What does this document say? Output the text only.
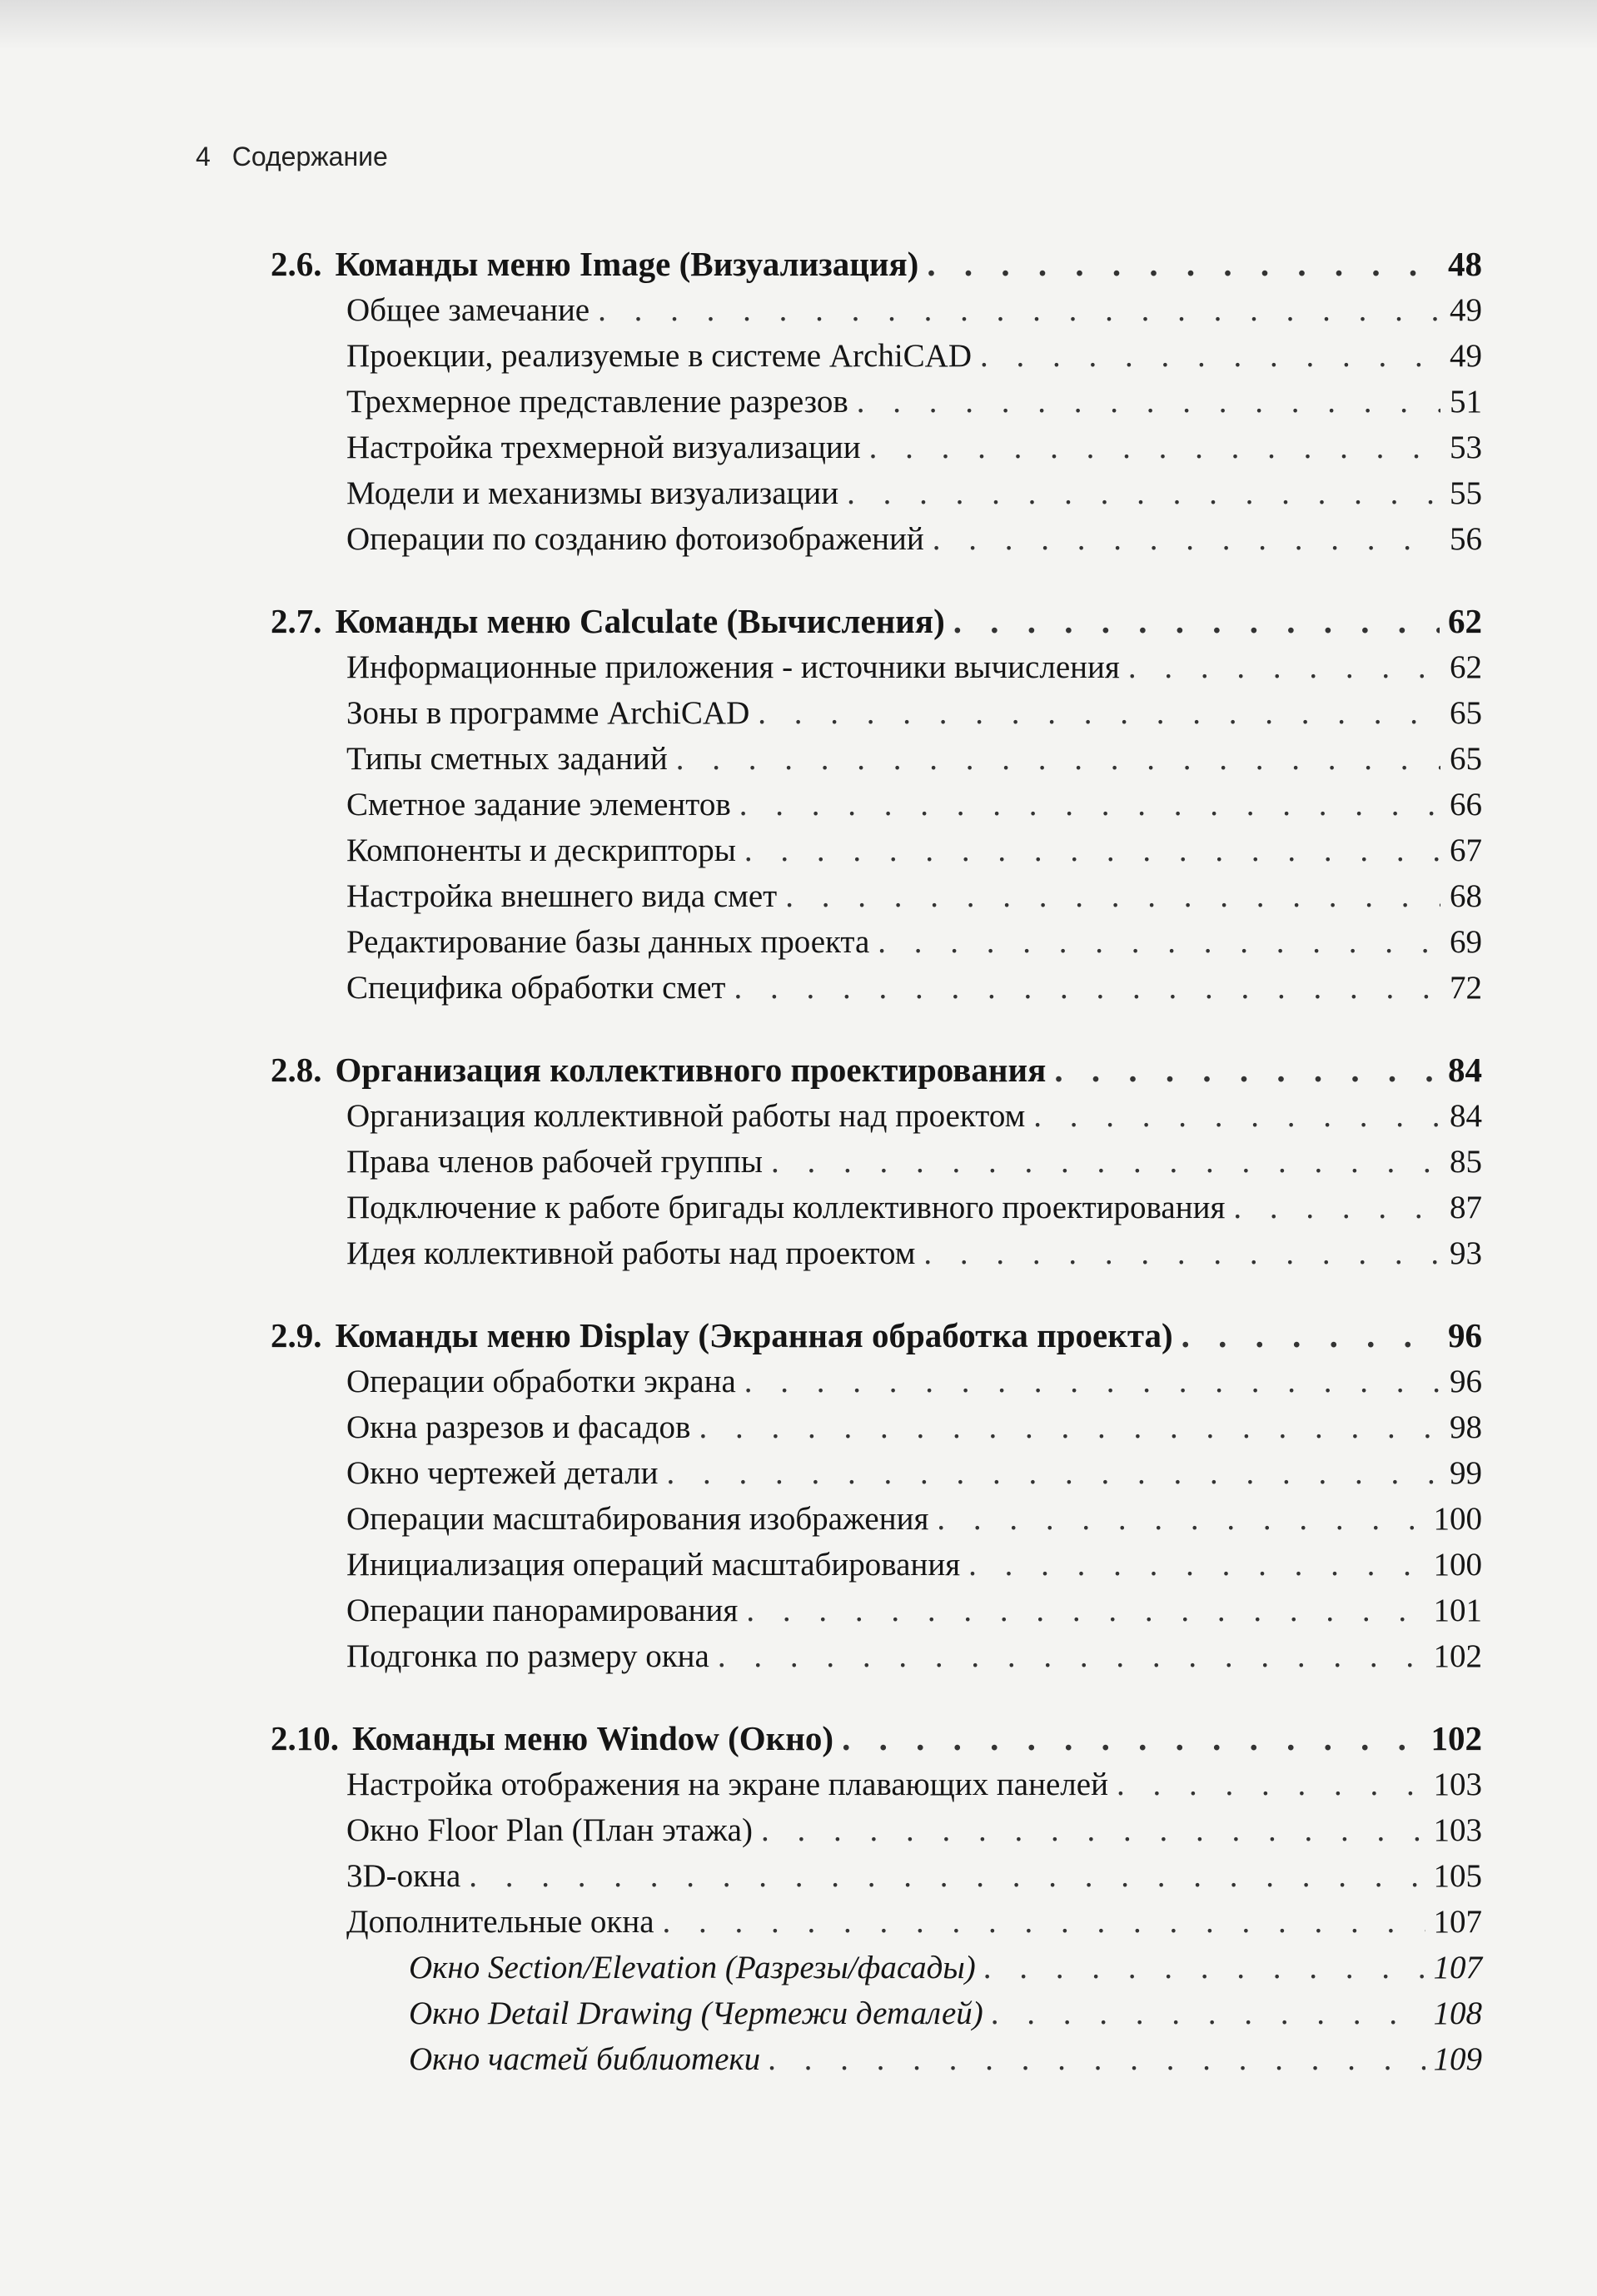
4 Содержание
2.6. Команды меню Image (Визуализация) . . .	48
Общее замечание . . .	49
Проекции, реализуемые в системе ArchiCAD . . .	49
Трехмерное представление разрезов . . .	51
Настройка трехмерной визуализации . . .	53
Модели и механизмы визуализации . . .	55
Операции по созданию фотоизображений . . .	56
2.7. Команды меню Calculate (Вычисления) . . .	62
Информационные приложения - источники вычисления . . .	62
Зоны в программе ArchiCAD . . .	65
Типы сметных заданий . . .	65
Сметное задание элементов . . .	66
Компоненты и дескрипторы . . .	67
Настройка внешнего вида смет . . .	68
Редактирование базы данных проекта . . .	69
Специфика обработки смет . . .	72
2.8. Организация коллективного проектирования . . .	84
Организация коллективной работы над проектом . . .	84
Права членов рабочей группы . . .	85
Подключение к работе бригады коллективного проектирования . . .	87
Идея коллективной работы над проектом . . .	93
2.9. Команды меню Display (Экранная обработка проекта) . . .	96
Операции обработки экрана . . .	96
Окна разрезов и фасадов . . .	98
Окно чертежей детали . . .	99
Операции масштабирования изображения . . .	100
Инициализация операций масштабирования . . .	100
Операции панорамирования . . .	101
Подгонка по размеру окна . . .	102
2.10. Команды меню Window (Окно) . . .	102
Настройка отображения на экране плавающих панелей . . .	103
Окно Floor Plan (План этажа) . . .	103
3D-окна . . .	105
Дополнительные окна . . .	107
Окно Section/Elevation (Разрезы/фасады) . . .	107
Окно Detail Drawing (Чертежи деталей) . . .	108
Окно частей библиотеки . . .	109
